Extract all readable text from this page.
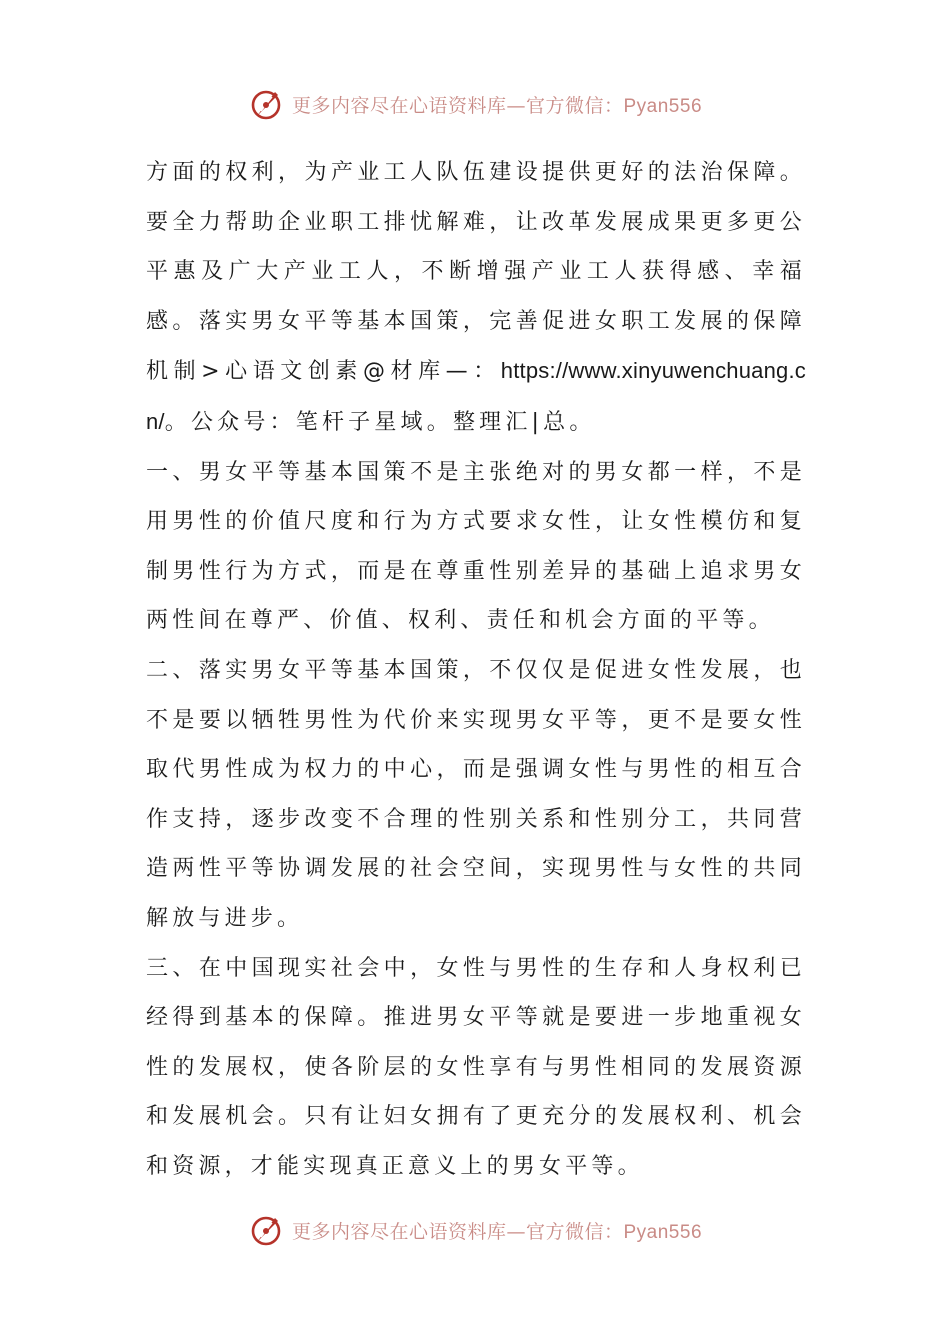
更多内容尽在心语资料库—官方微信：Pyan556

方面的权利，为产业工人队伍建设提供更好的法治保障。要全力帮助企业职工排忧解难，让改革发展成果更多更公平惠及广大产业工人，不断增强产业工人获得感、幸福感。落实男女平等基本国策，完善促进女职工发展的保障机制>心语文创素@材库—：https://www.xinyuwenchuang.cn/。公众号：笔杆子星域。整理汇|总。

一、男女平等基本国策不是主张绝对的男女都一样，不是用男性的价值尺度和行为方式要求女性，让女性模仿和复制男性行为方式，而是在尊重性别差异的基础上追求男女两性间在尊严、价值、权利、责任和机会方面的平等。

二、落实男女平等基本国策，不仅仅是促进女性发展，也不是要以牺牲男性为代价来实现男女平等，更不是要女性取代男性成为权力的中心，而是强调女性与男性的相互合作支持，逐步改变不合理的性别关系和性别分工，共同营造两性平等协调发展的社会空间，实现男性与女性的共同解放与进步。

三、在中国现实社会中，女性与男性的生存和人身权利已经得到基本的保障。推进男女平等就是要进一步地重视女性的发展权，使各阶层的女性享有与男性相同的发展资源和发展机会。只有让妇女拥有了更充分的发展权利、机会和资源，才能实现真正意义上的男女平等。

更多内容尽在心语资料库—官方微信：Pyan556
